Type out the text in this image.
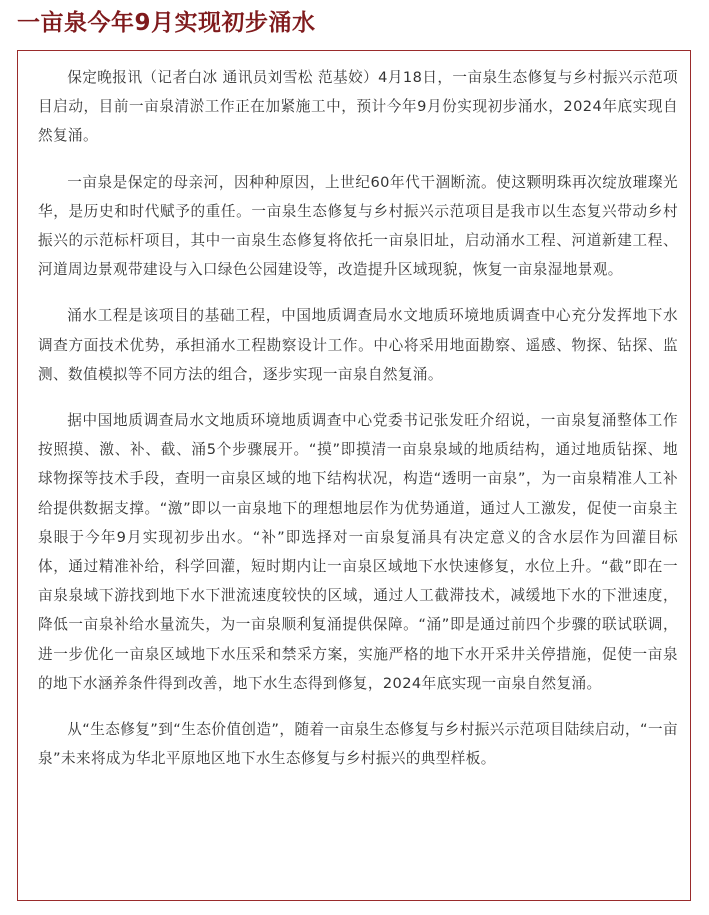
一亩泉今年9月实现初步涌水

保定晚报讯（记者白冰 通讯员刘雪松 范基姣）4月18日，一亩泉生态修复与乡村振兴示范项目启动，目前一亩泉清淤工作正在加紧施工中，预计今年9月份实现初步涌水，2024年底实现自然复涌。

一亩泉是保定的母亲河，因种种原因，上世纪60年代干涸断流。使这颗明珠再次绽放璀璨光华，是历史和时代赋予的重任。一亩泉生态修复与乡村振兴示范项目是我市以生态复兴带动乡村振兴的示范标杆项目，其中一亩泉生态修复将依托一亩泉旧址，启动涌水工程、河道新建工程、河道周边景观带建设与入口绿色公园建设等，改造提升区域现貌，恢复一亩泉湿地景观。

涌水工程是该项目的基础工程，中国地质调查局水文地质环境地质调查中心充分发挥地下水调查方面技术优势，承担涌水工程勘察设计工作。中心将采用地面勘察、遥感、物探、钻探、监测、数值模拟等不同方法的组合，逐步实现一亩泉自然复涌。

据中国地质调查局水文地质环境地质调查中心党委书记张发旺介绍说，一亩泉复涌整体工作按照摸、激、补、截、涌5个步骤展开。“摸”即摸清一亩泉泉域的地质结构，通过地质钻探、地球物探等技术手段，查明一亩泉区域的地下结构状况，构造“透明一亩泉”，为一亩泉精准人工补给提供数据支撑。“激”即以一亩泉地下的理想地层作为优势通道，通过人工激发，促使一亩泉主泉眼于今年9月实现初步出水。“补”即选择对一亩泉复涌具有决定意义的含水层作为回灌目标体，通过精准补给，科学回灌，短时期内让一亩泉区域地下水快速修复，水位上升。“截”即在一亩泉泉域下游找到地下水下泄流速度较快的区域，通过人工截滞技术，减缓地下水的下泄速度，降低一亩泉补给水量流失，为一亩泉顺利复涌提供保障。“涌”即是通过前四个步骤的联试联调，进一步优化一亩泉区域地下水压采和禁采方案，实施严格的地下水开采井关停措施，促使一亩泉的地下水涵养条件得到改善，地下水生态得到修复，2024年底实现一亩泉自然复涌。

从“生态修复”到“生态价值创造”，随着一亩泉生态修复与乡村振兴示范项目陆续启动，“一亩泉”未来将成为华北平原地区地下水生态修复与乡村振兴的典型样板。
